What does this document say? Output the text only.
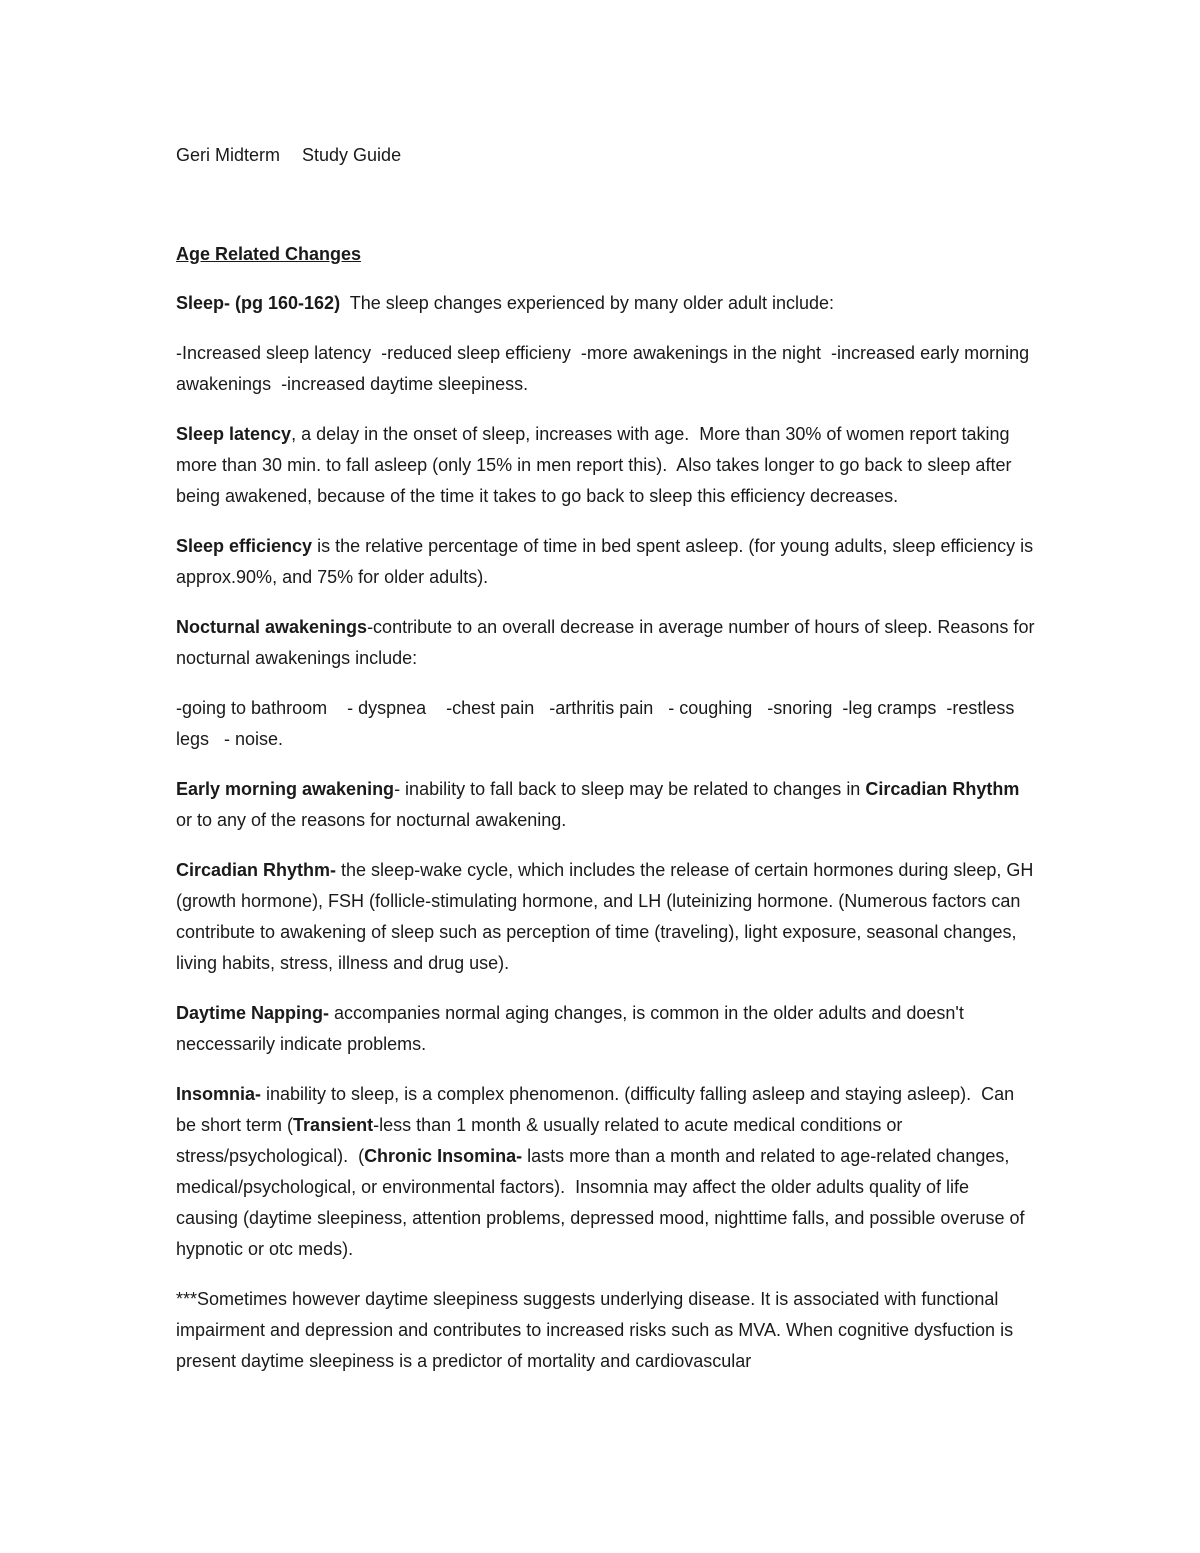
Geri Midterm Study Guide
Age Related Changes

Sleep- (pg 160-162)  The sleep changes experienced by many older adult include:

-Increased sleep latency  -reduced sleep efficieny  -more awakenings in the night  -increased early morning awakenings  -increased daytime sleepiness.

Sleep latency, a delay in the onset of sleep, increases with age.  More than 30% of women report taking more than 30 min. to fall asleep (only 15% in men report this).  Also takes longer to go back to sleep after being awakened, because of the time it takes to go back to sleep this efficiency decreases.

Sleep efficiency is the relative percentage of time in bed spent asleep. (for young adults, sleep efficiency is approx.90%, and 75% for older adults).

Nocturnal awakenings-contribute to an overall decrease in average number of hours of sleep. Reasons for nocturnal awakenings include:

-going to bathroom    - dyspnea    -chest pain   -arthritis pain   - coughing   -snoring  -leg cramps  -restless legs   - noise.

Early morning awakening- inability to fall back to sleep may be related to changes in Circadian Rhythm or to any of the reasons for nocturnal awakening.

Circadian Rhythm- the sleep-wake cycle, which includes the release of certain hormones during sleep, GH (growth hormone), FSH (follicle-stimulating hormone, and LH (luteinizing hormone. (Numerous factors can contribute to awakening of sleep such as perception of time (traveling), light exposure, seasonal changes, living habits, stress, illness and drug use).

Daytime Napping- accompanies normal aging changes, is common in the older adults and doesn't neccessarily indicate problems.

Insomnia- inability to sleep, is a complex phenomenon. (difficulty falling asleep and staying asleep).  Can be short term (Transient-less than 1 month & usually related to acute medical conditions or stress/psychological).  (Chronic Insomina- lasts more than a month and related to age-related changes, medical/psychological, or environmental factors).  Insomnia may affect the older adults quality of life causing (daytime sleepiness, attention problems, depressed mood, nighttime falls, and possible overuse of hypnotic or otc meds).

***Sometimes however daytime sleepiness suggests underlying disease. It is associated with functional impairment and depression and contributes to increased risks such as MVA. When cognitive dysfuction is present daytime sleepiness is a predictor of mortality and cardiovascular
